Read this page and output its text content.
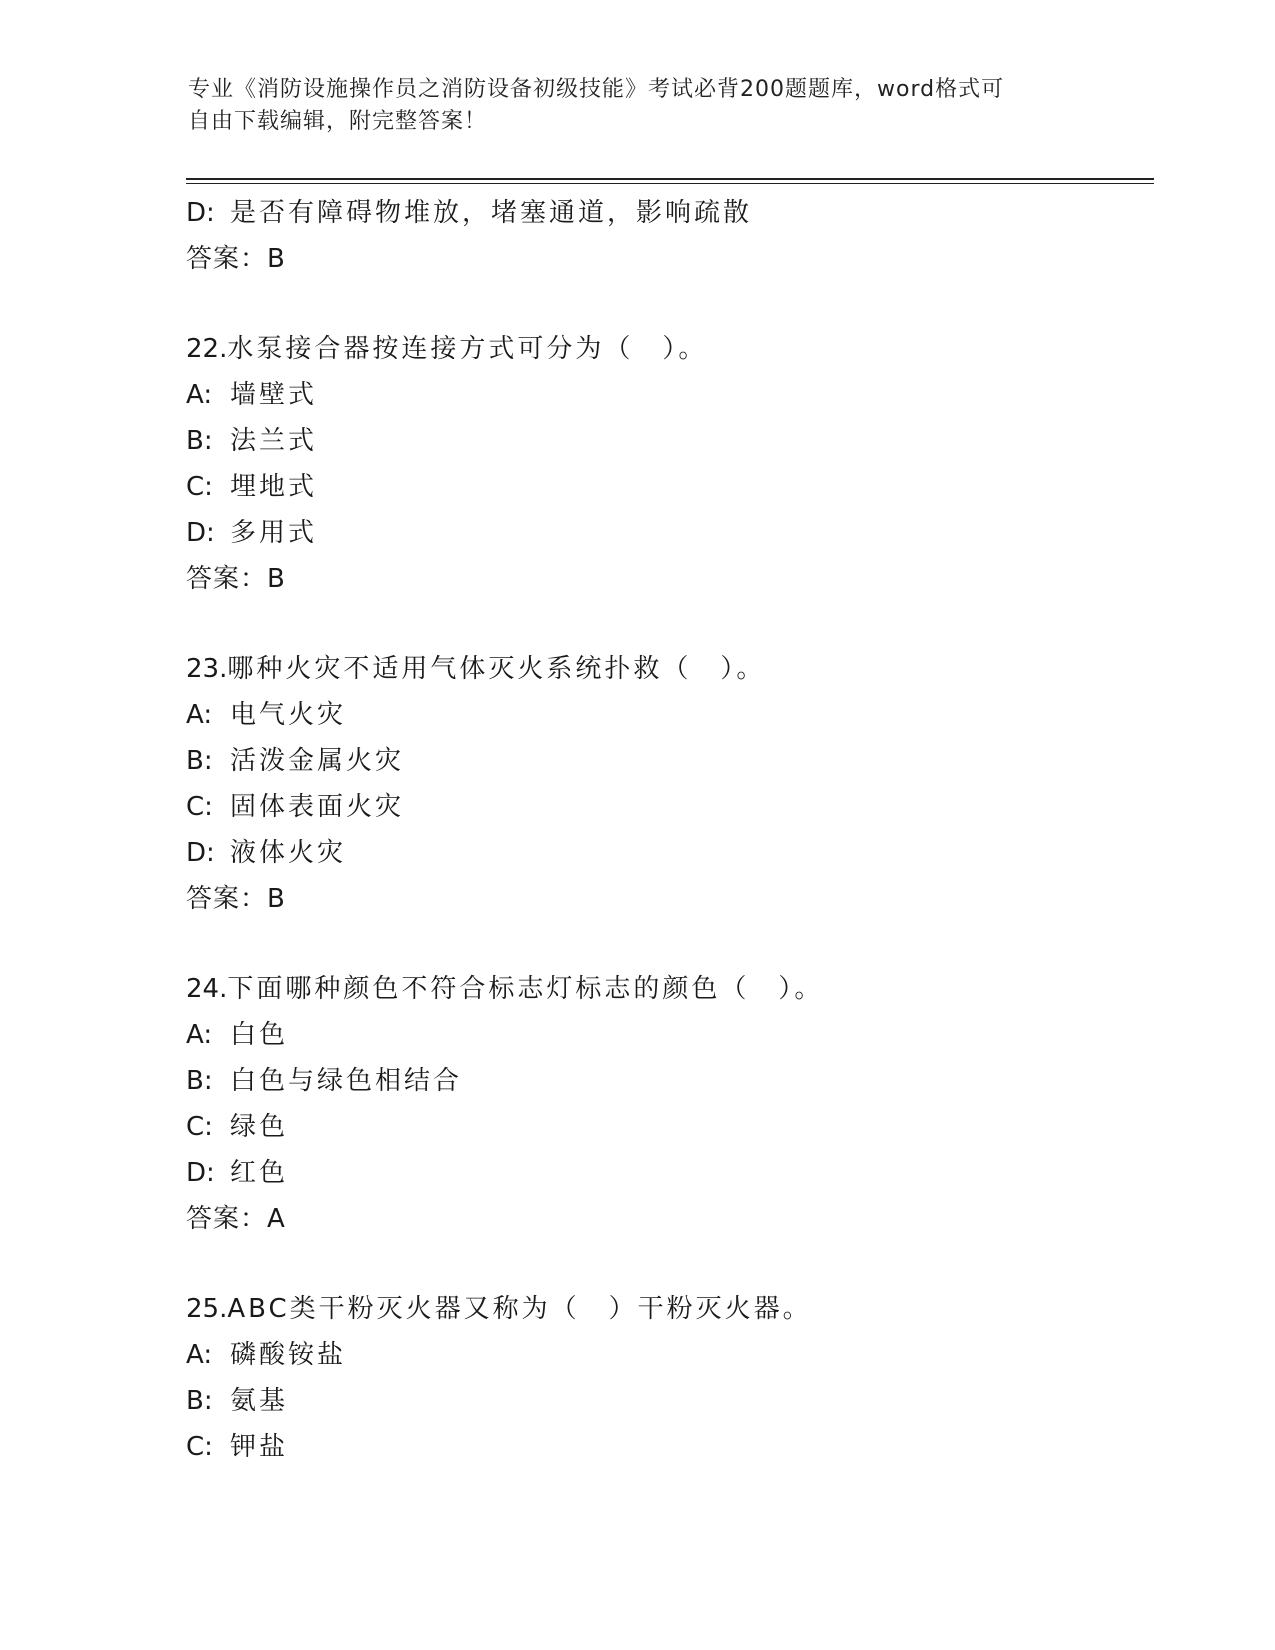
专业《消防设施操作员之消防设备初级技能》考试必背200题题库，word格式可
自由下载编辑，附完整答案！
D: 是否有障碍物堆放，堵塞通道，影响疏散
答案：B
22.水泵接合器按连接方式可分为（　）。
A: 墙壁式
B: 法兰式
C: 埋地式
D: 多用式
答案：B
23.哪种火灾不适用气体灭火系统扑救（　）。
A: 电气火灾
B: 活泼金属火灾
C: 固体表面火灾
D: 液体火灾
答案：B
24.下面哪种颜色不符合标志灯标志的颜色（　）。
A: 白色
B: 白色与绿色相结合
C: 绿色
D: 红色
答案：A
25.ABC类干粉灭火器又称为（　）干粉灭火器。
A: 磷酸铵盐
B: 氨基
C: 钾盐
